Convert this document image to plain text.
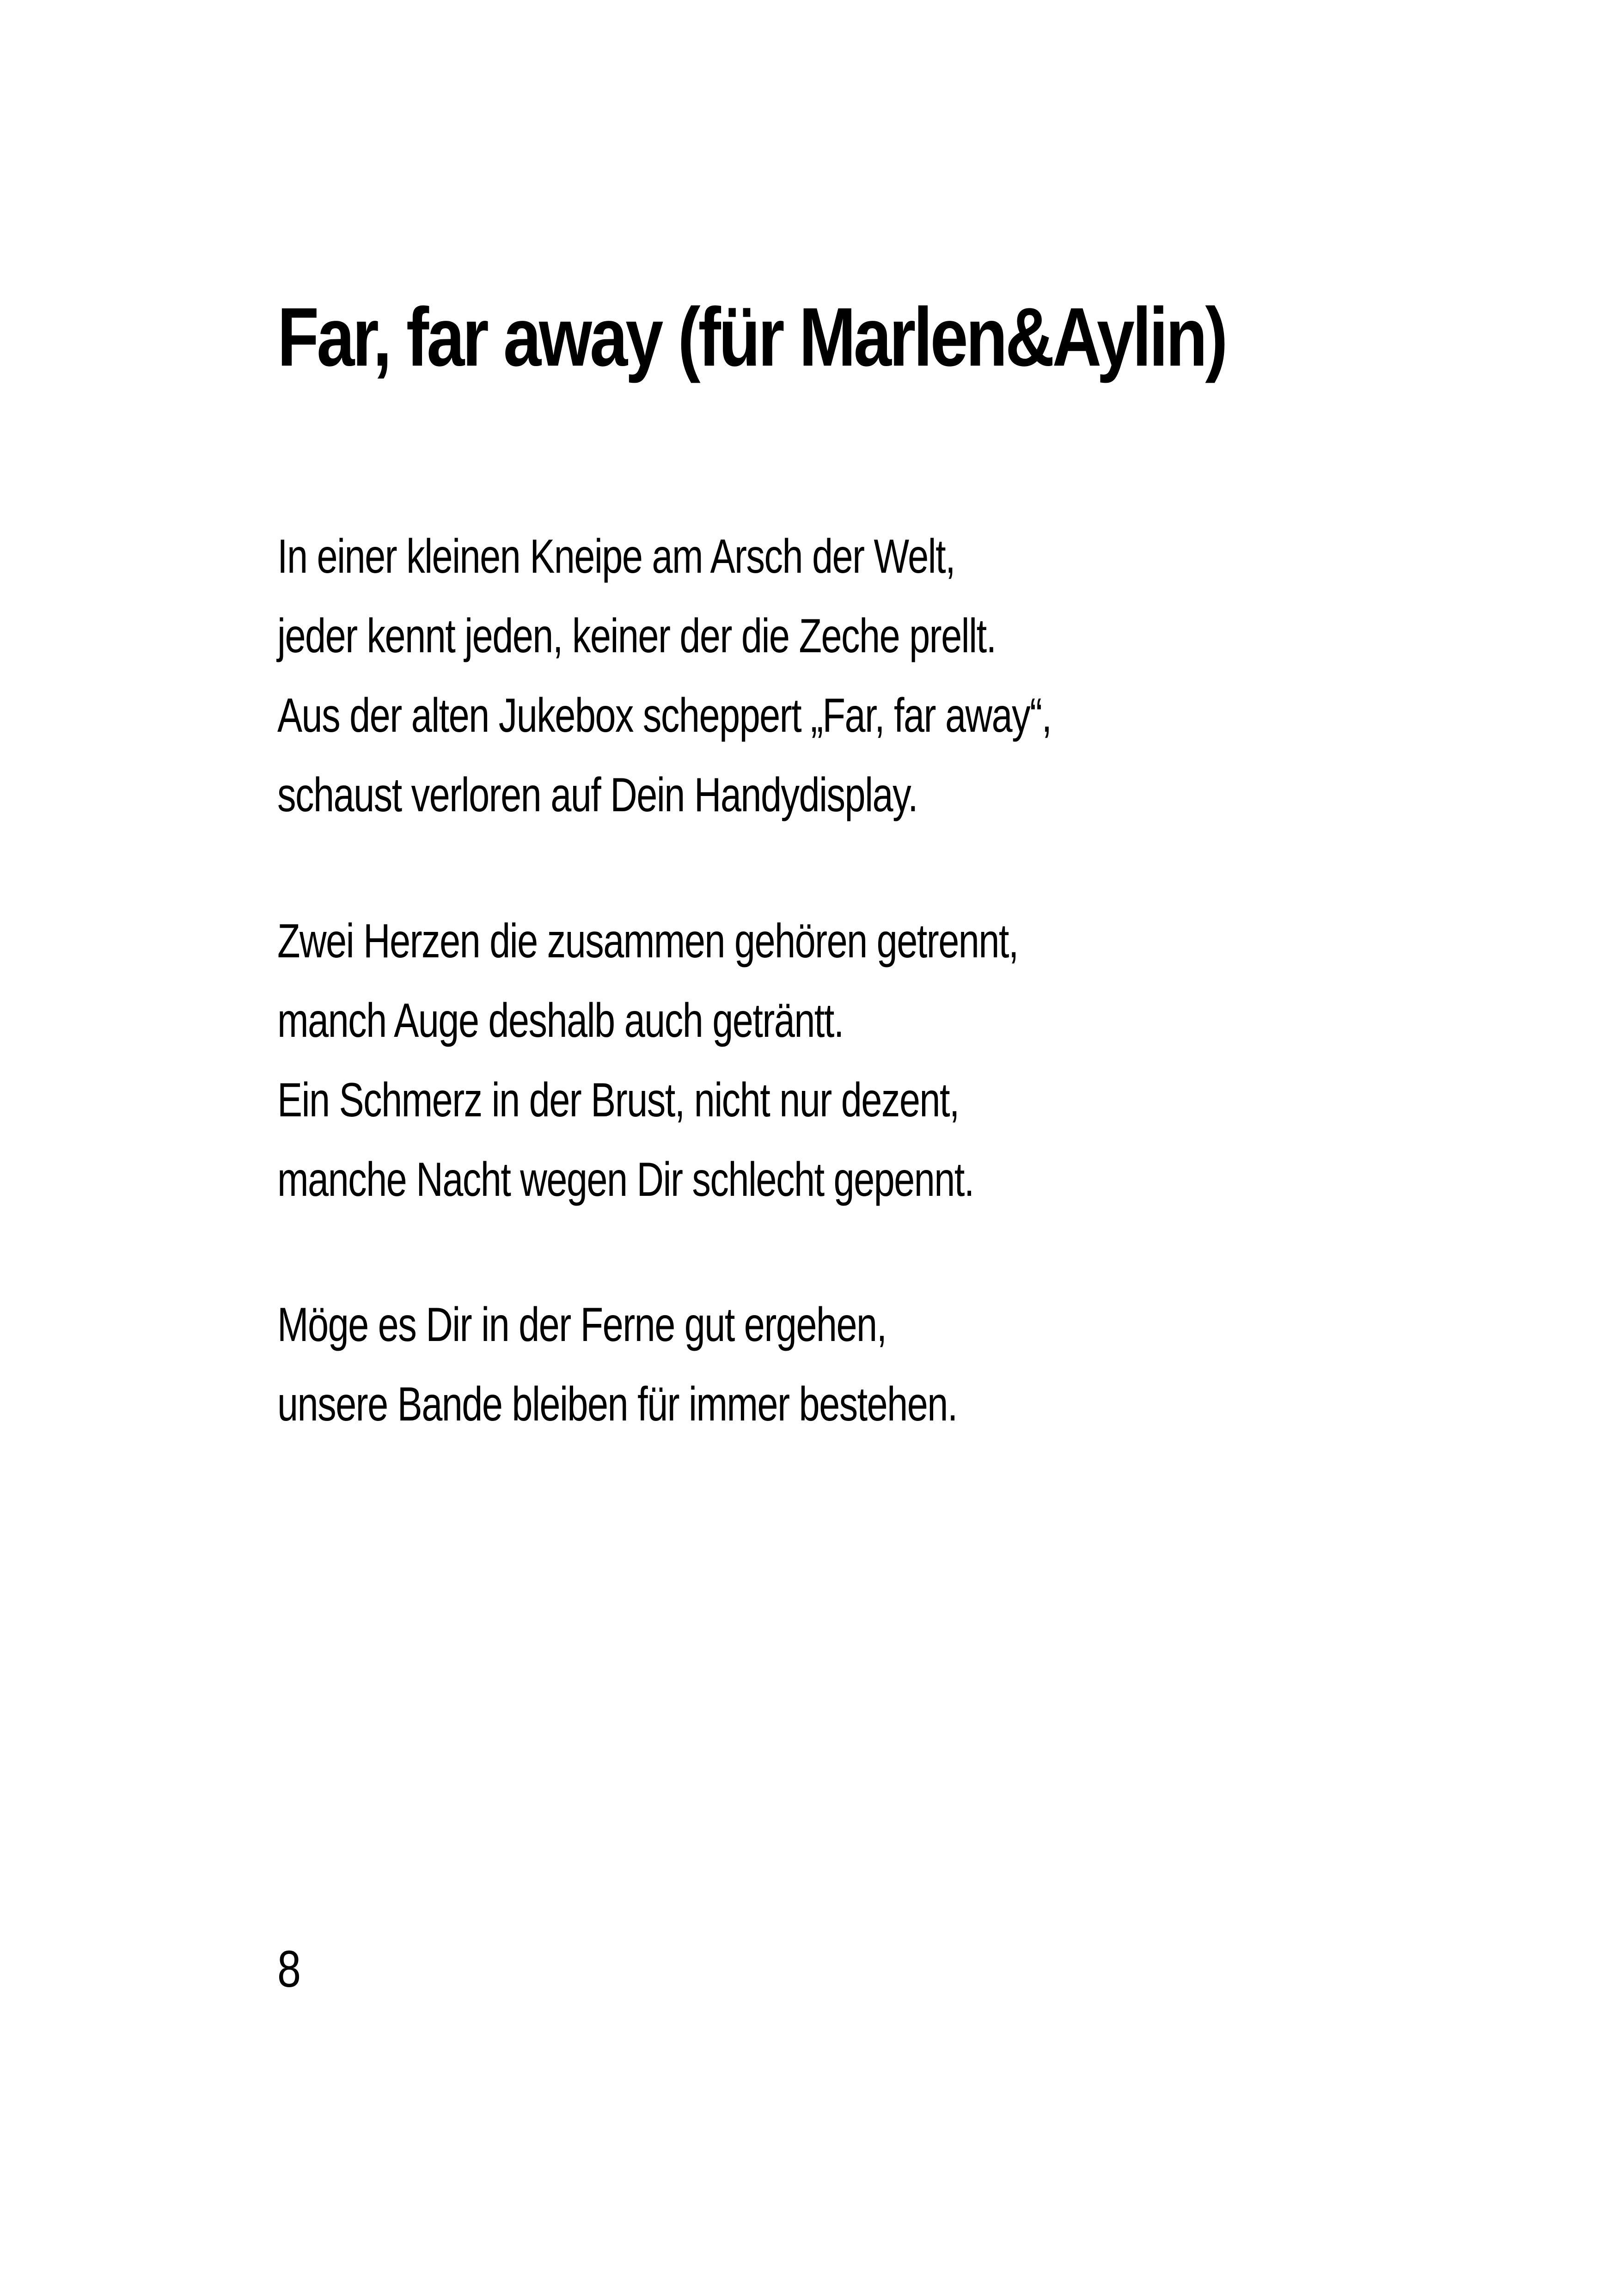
Far, far away (für Marlen&Aylin)
In einer kleinen Kneipe am Arsch der Welt,
jeder kennt jeden, keiner der die Zeche prellt.
Aus der alten Jukebox scheppert „Far, far away“,
schaust verloren auf Dein Handydisplay.
Zwei Herzen die zusammen gehören getrennt,
manch Auge deshalb auch geträntt.
Ein Schmerz in der Brust, nicht nur dezent,
manche Nacht wegen Dir schlecht gepennt.
Möge es Dir in der Ferne gut ergehen,
unsere Bande bleiben für immer bestehen.

8
